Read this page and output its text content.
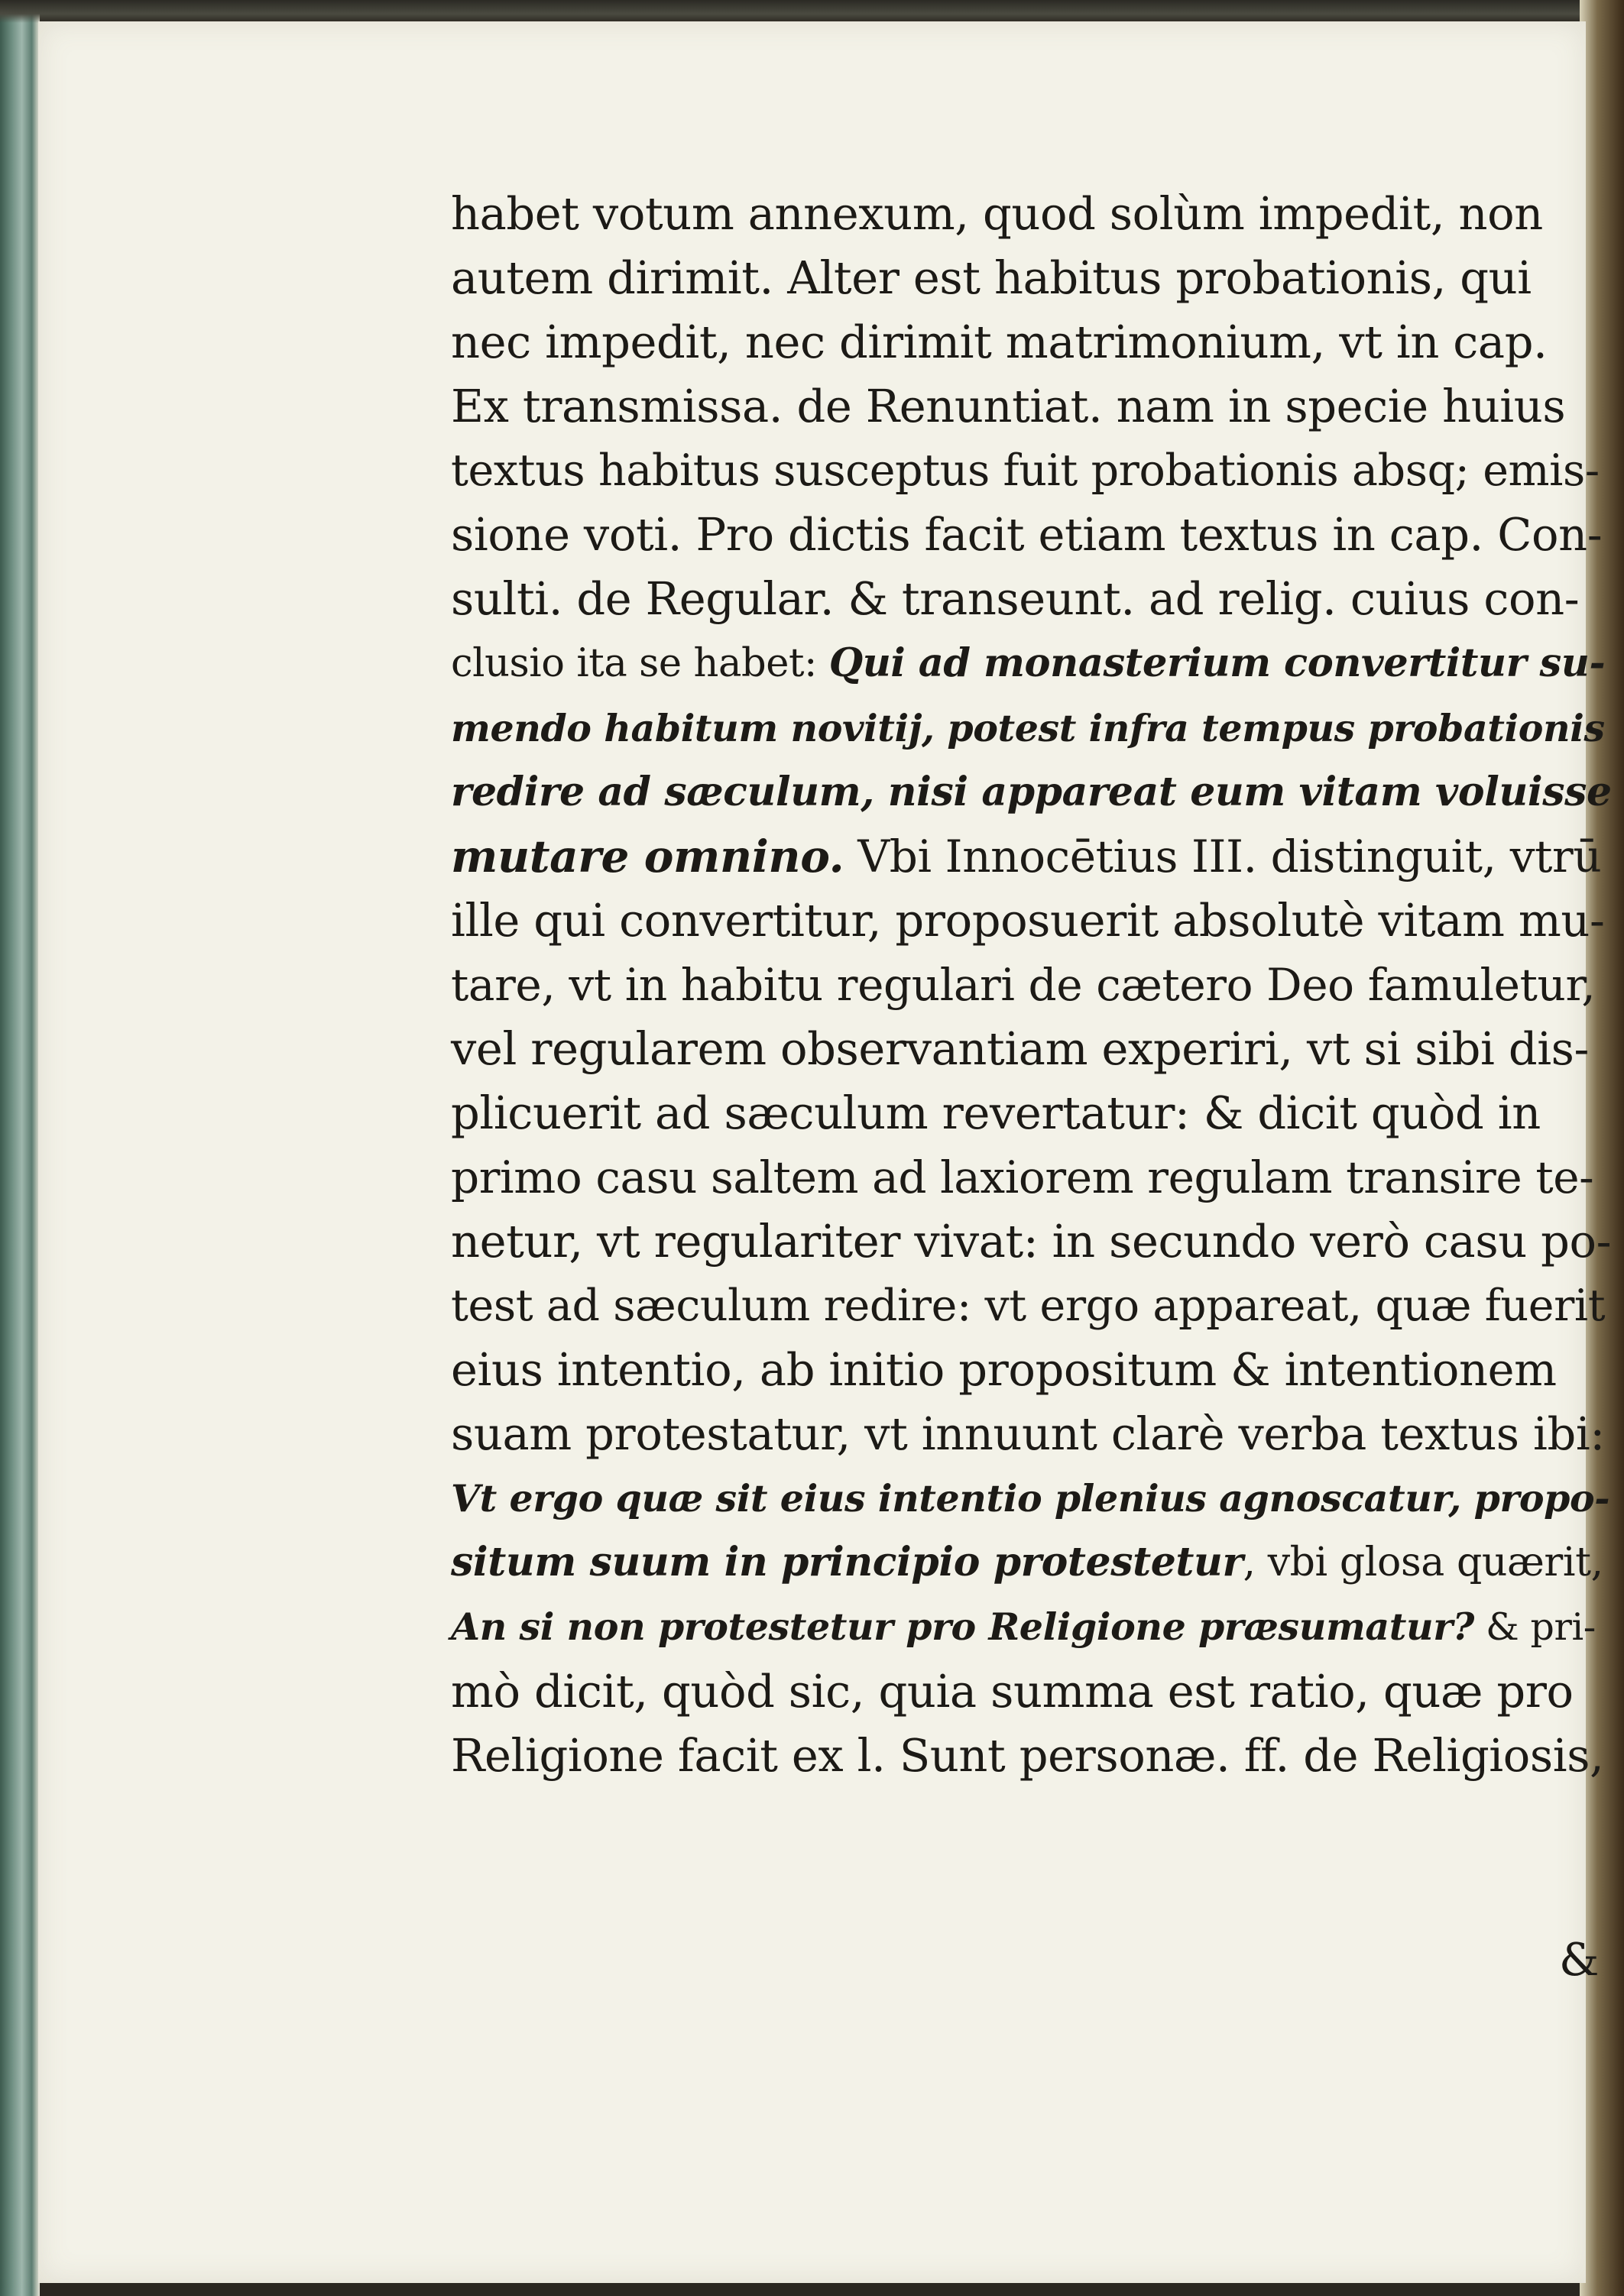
habet votum annexum, quod solùm impedit, non
autem dirimit. Alter est habitus probationis, qui
nec impedit, nec dirimit matrimonium, vt in cap.
Ex transmissa. de Renuntiat. nam in specie huius
textus habitus susceptus fuit probationis absq; emis-
sione voti. Pro dictis facit etiam textus in cap. Con-
sulti. de Regular. & transeunt. ad relig. cuius con-
clusio ita se habet: Qui ad monasterium convertitur su-
mendo habitum novitij, potest infra tempus probationis
redire ad sæculum, nisi appareat eum vitam voluisse
mutare omnino. Vbi Innocētius III. distinguit, vtrū
ille qui convertitur, proposuerit absolutè vitam mu-
tare, vt in habitu regulari de cætero Deo famuletur,
vel regularem observantiam experiri, vt si sibi dis-
plicuerit ad sæculum revertatur: & dicit quòd in
primo casu saltem ad laxiorem regulam transire te-
netur, vt regulariter vivat: in secundo verò casu po-
test ad sæculum redire: vt ergo appareat, quæ fuerit
eius intentio, ab initio propositum & intentionem
suam protestatur, vt innuunt clarè verba textus ibi:
Vt ergo quæ sit eius intentio plenius agnoscatur, propo-
situm suum in principio protestetur, vbi glosa quærit,
An si non protestetur pro Religione præsumatur? & pri-
mò dicit, quòd sic, quia summa est ratio, quæ pro
Religione facit ex l. Sunt personæ. ff. de Religiosis,
&
